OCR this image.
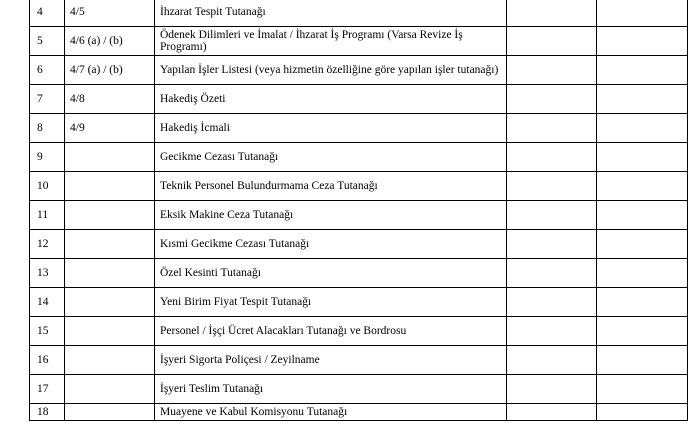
4	4/5	İhzarat Tespit Tutanağı		
5	4/6 (a) / (b)	Ödenek Dilimleri ve İmalat / İhzarat İş Programı (Varsa Revize İş Programı)		
6	4/7 (a) / (b)	Yapılan İşler Listesi (veya hizmetin özelliğine göre yapılan işler tutanağı)		
7	4/8	Hakediş Özeti		
8	4/9	Hakediş İcmali		
9		Gecikme Cezası Tutanağı		
10		Teknik Personel Bulundurmama Ceza Tutanağı		
11		Eksik Makine Ceza Tutanağı		
12		Kısmi Gecikme Cezası Tutanağı		
13		Özel Kesinti Tutanağı		
14		Yeni Birim Fiyat Tespit Tutanağı		
15		Personel / İşçi Ücret Alacakları Tutanağı ve Bordrosu		
16		İşyeri Sigorta Poliçesi / Zeyilname		
17		İşyeri Teslim Tutanağı		
18		Muayene ve Kabul Komisyonu Tutanağı		
